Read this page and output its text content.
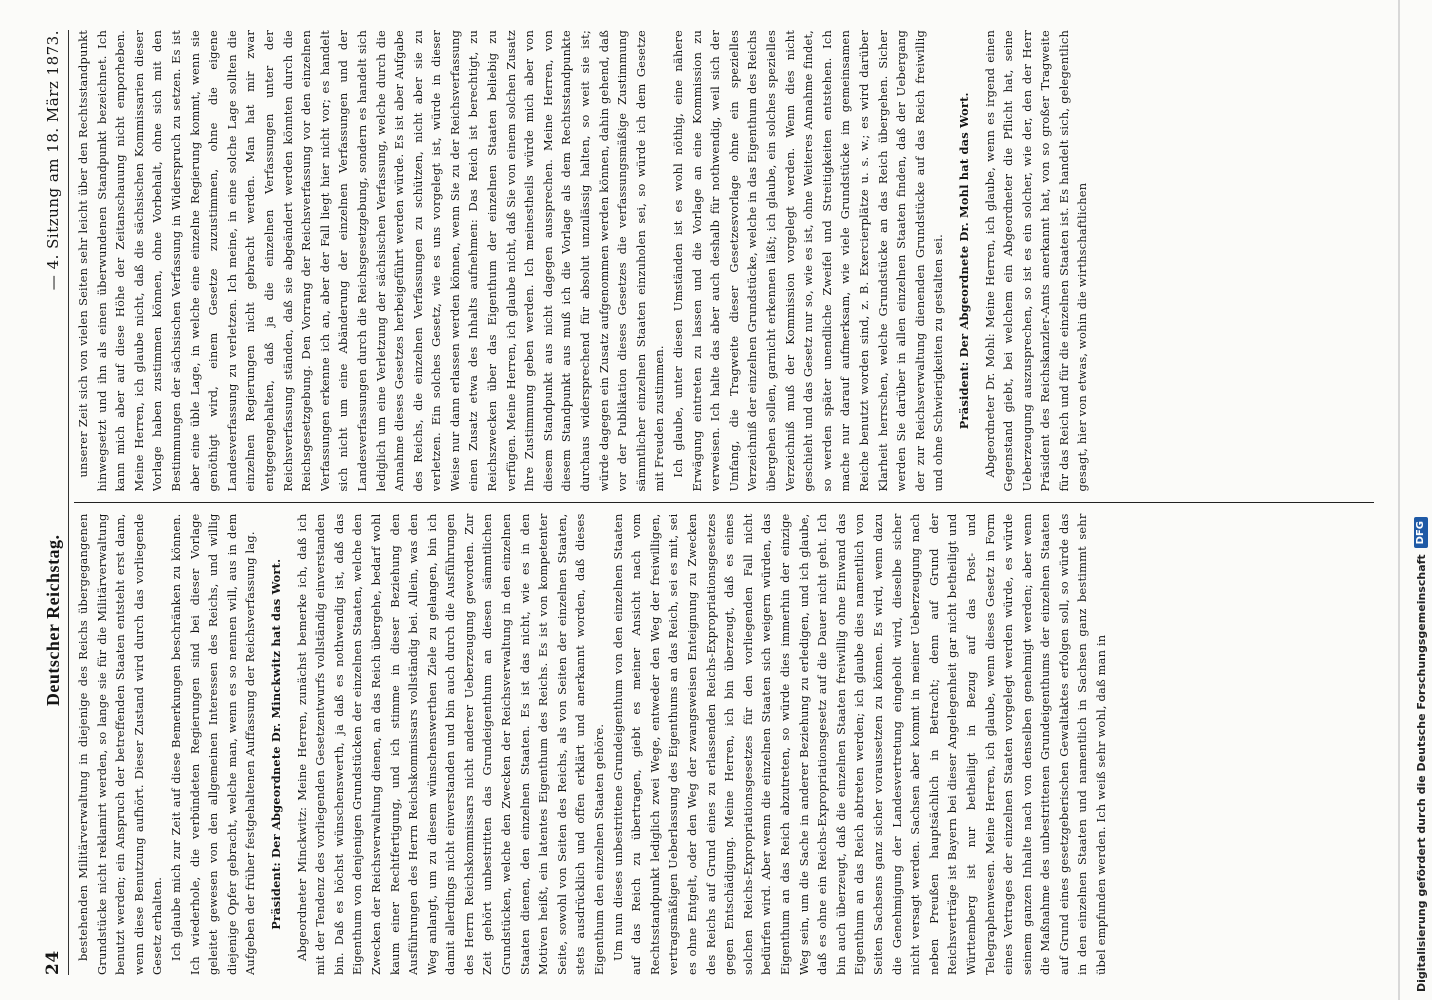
24
Deutscher Reichstag.
— 4. Sitzung am 18. März 1873.

bestehenden Militärverwaltung in diejenige des Reichs übergegangenen Grundstücke nicht reklamirt werden, so lange sie für die Militärverwaltung benutzt werden; ein Anspruch der betreffenden Staaten entsteht erst dann, wenn diese Benutzung aufhört. Dieser Zustand wird durch das vorliegende Gesetz erhalten. Ich glaube mich zur Zeit auf diese Bemerkungen beschränken zu können. Ich wiederhole, die verbündeten Regierungen sind bei dieser Vorlage geleitet gewesen von den allgemeinen Interessen des Reichs, und willig diejenige Opfer gebracht, welche man, wenn es so nennen will, aus in dem Aufgeben der früher festgehaltenen Auffassung der Reichsverfassung lag. Präsident: Der Abgeordnete Dr. Minckwitz hat das Wort. Abgeordneter Minckwitz: Meine Herren, zunächst bemerke ich, daß ich mit der Tendenz des vorliegenden Gesetzentwurfs vollständig einverstanden bin. Daß es höchst wünschenswerth, ja daß es nothwendig ist, daß das Eigenthum von denjenigen Grundstücken der einzelnen Staaten, welche den Zwecken der Reichsverwaltung dienen, an das Reich übergehe, bedarf wohl kaum einer Rechtfertigung, und ich stimme in dieser Beziehung den Ausführungen des Herrn Reichskommissars vollständig bei. Allein, was den Weg anlangt, um zu diesem wünschenswerthen Ziele zu gelangen, bin ich damit allerdings nicht einverstanden und bin auch durch die Ausführungen des Herrn Reichskommissars nicht anderer Ueberzeugung geworden. Zur Zeit gehört unbestritten das Grundeigenthum an diesen sämmtlichen Grundstücken, welche den Zwecken der Reichsverwaltung in den einzelnen Staaten dienen, den einzelnen Staaten. Es ist das nicht, wie es in den Motiven heißt, ein latentes Eigenthum des Reichs. Es ist von kompetenter Seite, sowohl von Seiten des Reichs, als von Seiten der einzelnen Staaten, stets ausdrücklich und offen erklärt und anerkannt worden, daß dieses Eigenthum den einzelnen Staaten gehöre. Um nun dieses unbestrittene Grundeigenthum von den einzelnen Staaten auf das Reich zu übertragen, giebt es meiner Ansicht nach vom Rechtsstandpunkt lediglich zwei Wege, entweder den Weg der freiwilligen, vertragsmäßigen Ueberlassung des Eigenthums an das Reich, sei es mit, sei es ohne Entgelt, oder den Weg der zwangsweisen Enteignung zu Zwecken des Reichs auf Grund eines zu erlassenden Reichs-Expropriationsgesetzes gegen Entschädigung. Meine Herren, ich bin überzeugt, daß es eines solchen Reichs-Expropriationsgesetzes für den vorliegenden Fall nicht bedürfen wird. Aber wenn die einzelnen Staaten sich weigern würden, das Eigenthum an das Reich abzutreten, so würde dies immerhin der einzige Weg sein, um die Sache in anderer Beziehung zu erledigen, und ich glaube, daß es ohne ein Reichs-Expropriationsgesetz auf die Dauer nicht geht. Ich bin auch überzeugt, daß die einzelnen Staaten freiwillig ohne Einwand das Eigenthum an das Reich abtreten werden; ich glaube dies namentlich von Seiten Sachsens ganz sicher voraussetzen zu können. Es wird, wenn dazu die Genehmigung der Landesvertretung eingeholt wird, dieselbe sicher nicht versagt werden. Sachsen aber kommt in meiner Ueberzeugung nach neben Preußen hauptsächlich in Betracht; denn auf Grund der Reichsverträge ist Bayern bei dieser Angelegenheit gar nicht betheiligt und Württemberg ist nur betheiligt in Bezug auf das Post- und Telegraphenwesen. Meine Herren, ich glaube, wenn dieses Gesetz in Form eines Vertrages der einzelnen Staaten vorgelegt werden würde, es würde seinem ganzen Inhalte nach von denselben genehmigt werden; aber wenn die Maßnahme des unbestrittenen Grundeigenthums der einzelnen Staaten auf Grund eines gesetzgeberischen Gewaltaktes erfolgen soll, so würde das in den einzelnen Staaten und namentlich in Sachsen ganz bestimmt sehr übel empfunden werden. Ich weiß sehr wohl, daß man in

unserer Zeit sich von vielen Seiten sehr leicht über den Rechtsstandpunkt hinwegsetzt und ihn als einen überwundenen Standpunkt bezeichnet. Ich kann mich aber auf diese Höhe der Zeitanschauung nicht emporheben. Meine Herren, ich glaube nicht, daß die sächsischen Kommissarien dieser Vorlage haben zustimmen können, ohne Vorbehalt, ohne sich mit den Bestimmungen der sächsischen Verfassung in Widerspruch zu setzen. Es ist aber eine üble Lage, in welche eine einzelne Regierung kommt, wenn sie genöthigt wird, einem Gesetze zuzustimmen, ohne die eigene Landesverfassung zu verletzen. Ich meine, in eine solche Lage sollten die einzelnen Regierungen nicht gebracht werden. Man hat mir zwar entgegengehalten, daß ja die einzelnen Verfassungen unter der Reichsverfassung ständen, daß sie abgeändert werden könnten durch die Reichsgesetzgebung. Den Vorrang der Reichsverfassung vor den einzelnen Verfassungen erkenne ich an, aber der Fall liegt hier nicht vor; es handelt sich nicht um eine Abänderung der einzelnen Verfassungen und der Landesverfassungen durch die Reichsgesetzgebung, sondern es handelt sich lediglich um eine Verletzung der sächsischen Verfassung, welche durch die Annahme dieses Gesetzes herbeigeführt werden würde. Es ist aber Aufgabe des Reichs, die einzelnen Verfassungen zu schützen, nicht aber sie zu verletzen. Ein solches Gesetz, wie es uns vorgelegt ist, würde in dieser Weise nur dann erlassen werden können, wenn Sie zu der Reichsverfassung einen Zusatz etwa des Inhalts aufnehmen: Das Reich ist berechtigt, zu Reichszwecken über das Eigenthum der einzelnen Staaten beliebig zu verfügen. Meine Herren, ich glaube nicht, daß Sie von einem solchen Zusatz Ihre Zustimmung geben werden. Ich meinestheils würde mich aber von diesem Standpunkt aus nicht dagegen aussprechen. Meine Herren, von diesem Standpunkt aus muß ich die Vorlage als dem Rechtsstandpunkte durchaus widersprechend für absolut unzulässig halten, so weit sie ist; würde dagegen ein Zusatz aufgenommen werden können, dahin gehend, daß vor der Publikation dieses Gesetzes die verfassungsmäßige Zustimmung sämmtlicher einzelnen Staaten einzuholen sei, so würde ich dem Gesetze mit Freuden zustimmen. Ich glaube, unter diesen Umständen ist es wohl nöthig, eine nähere Erwägung eintreten zu lassen und die Vorlage an eine Kommission zu verweisen. Ich halte das aber auch deshalb für nothwendig, weil sich der Umfang, die Tragweite dieser Gesetzesvorlage ohne ein spezielles Verzeichniß der einzelnen Grundstücke, welche in das Eigenthum des Reichs übergehen sollen, garnicht erkennen läßt; ich glaube, ein solches spezielles Verzeichniß muß der Kommission vorgelegt werden. Wenn dies nicht geschieht und das Gesetz nur so, wie es ist, ohne Weiteres Annahme findet, so werden später unendliche Zweifel und Streitigkeiten entstehen. Ich mache nur darauf aufmerksam, wie viele Grundstücke im gemeinsamen Reiche benutzt worden sind, z. B. Exercierplätze u. s. w.; es wird darüber Klarheit herrschen, welche Grundstücke an das Reich übergehen. Sicher werden Sie darüber in allen einzelnen Staaten finden, daß der Uebergang der zur Reichsverwaltung dienenden Grundstücke auf das Reich freiwillig und ohne Schwierigkeiten zu gestalten sei. Präsident: Der Abgeordnete Dr. Mohl hat das Wort. Abgeordneter Dr. Mohl: Meine Herren, ich glaube, wenn es irgend einen Gegenstand giebt, bei welchem ein Abgeordneter die Pflicht hat, seine Ueberzeugung auszusprechen, so ist es ein solcher, wie der, den der Herr Präsident des Reichskanzler-Amts anerkannt hat, von so großer Tragweite für das Reich und für die einzelnen Staaten ist. Es handelt sich, gelegentlich gesagt, hier von etwas, wohin die wirthschaftlichen

Digitalisierung gefördert durch die Deutsche Forschungsgemeinschaft
DFG
